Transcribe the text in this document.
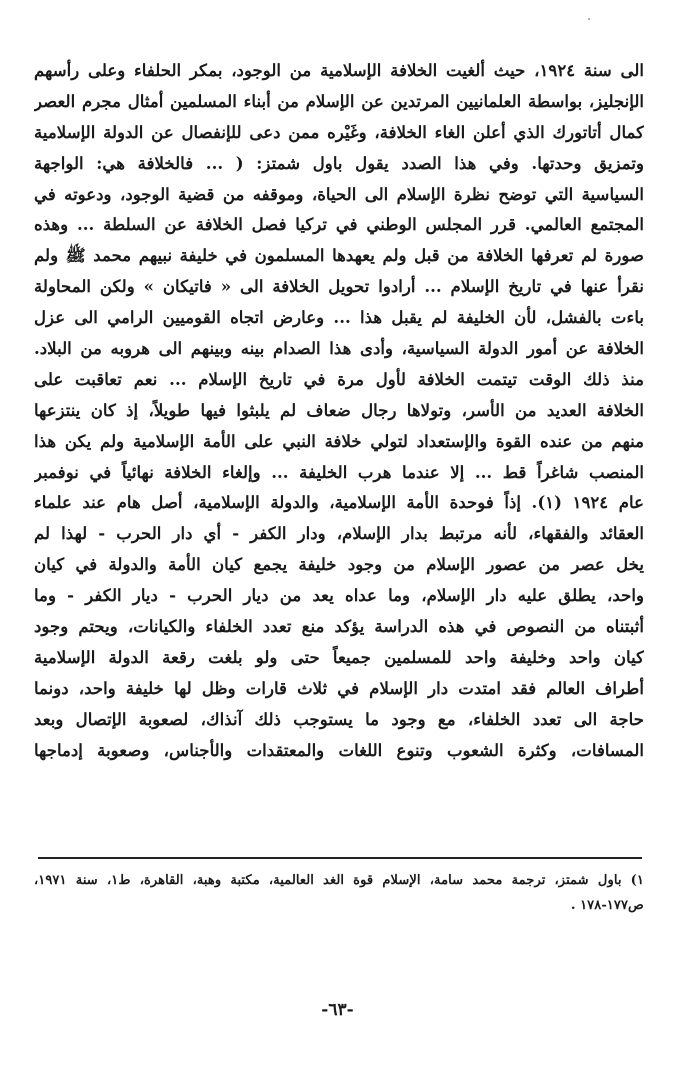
الى سنة ١٩٢٤، حيث ألغيت الخلافة الإسلامية من الوجود، بمكر الحلفاء وعلى رأسهم
الإنجليز، بواسطة العلمانيين المرتدين عن الإسلام من أبناء المسلمين أمثال مجرم العصر
كمال أتاتورك الذي أعلن الغاء الخلافة، وغَيْره ممن دعى للإنفصال عن الدولة الإسلامية
وتمزيق وحدتها. وفي هذا الصدد يقول باول شمتز: ( ... فالخلافة هي: الواجهة
السياسية التي توضح نظرة الإسلام الى الحياة، وموقفه من قضية الوجود، ودعوته في
المجتمع العالمي. قرر المجلس الوطني في تركيا فصل الخلافة عن السلطة ... وهذه
صورة لم تعرفها الخلافة من قبل ولم يعهدها المسلمون في خليفة نبيهم محمد ﷺ ولم
نقرأ عنها في تاريخ الإسلام ... أرادوا تحويل الخلافة الى « فاتيكان » ولكن المحاولة
باءت بالفشل، لأن الخليفة لم يقبل هذا ... وعارض اتجاه القوميين الرامي الى عزل
الخلافة عن أمور الدولة السياسية، وأدى هذا الصدام بينه وبينهم الى هروبه من البلاد.
منذ ذلك الوقت تيتمت الخلافة لأول مرة في تاريخ الإسلام ... نعم تعاقبت على
الخلافة العديد من الأسر، وتولاها رجال ضعاف لم يلبثوا فيها طويلاً، إذ كان ينتزعها
منهم من عنده القوة والإستعداد لتولي خلافة النبي على الأمة الإسلامية ولم يكن هذا
المنصب شاغراً قط ... إلا عندما هرب الخليفة ... وإلغاء الخلافة نهائياً في نوفمبر
عام ١٩٢٤ (١). إذاً فوحدة الأمة الإسلامية، والدولة الإسلامية، أصل هام عند علماء
العقائد والفقهاء، لأنه مرتبط بدار الإسلام، ودار الكفر - أي دار الحرب - لهذا لم
يخل عصر من عصور الإسلام من وجود خليفة يجمع كيان الأمة والدولة في كيان
واحد، يطلق عليه دار الإسلام، وما عداه يعد من ديار الحرب - ديار الكفر - وما
أثبتناه من النصوص في هذه الدراسة يؤكد منع تعدد الخلفاء والكيانات، ويحتم وجود
كيان واحد وخليفة واحد للمسلمين جميعاً حتى ولو بلغت رقعة الدولة الإسلامية
أطراف العالم فقد امتدت دار الإسلام في ثلاث قارات وظل لها خليفة واحد، دونما
حاجة الى تعدد الخلفاء، مع وجود ما يستوجب ذلك آنذاك، لصعوبة الإتصال وبعد
المسافات، وكثرة الشعوب وتنوع اللغات والمعتقدات والأجناس، وصعوبة إدماجها
١) باول شمتز، ترجمة محمد سامة، الإسلام قوة الغد العالمية، مكتبة وهبة، القاهرة، ط١، سنة ١٩٧١،
ص١٧٧-١٧٨ .
-٦٣-
